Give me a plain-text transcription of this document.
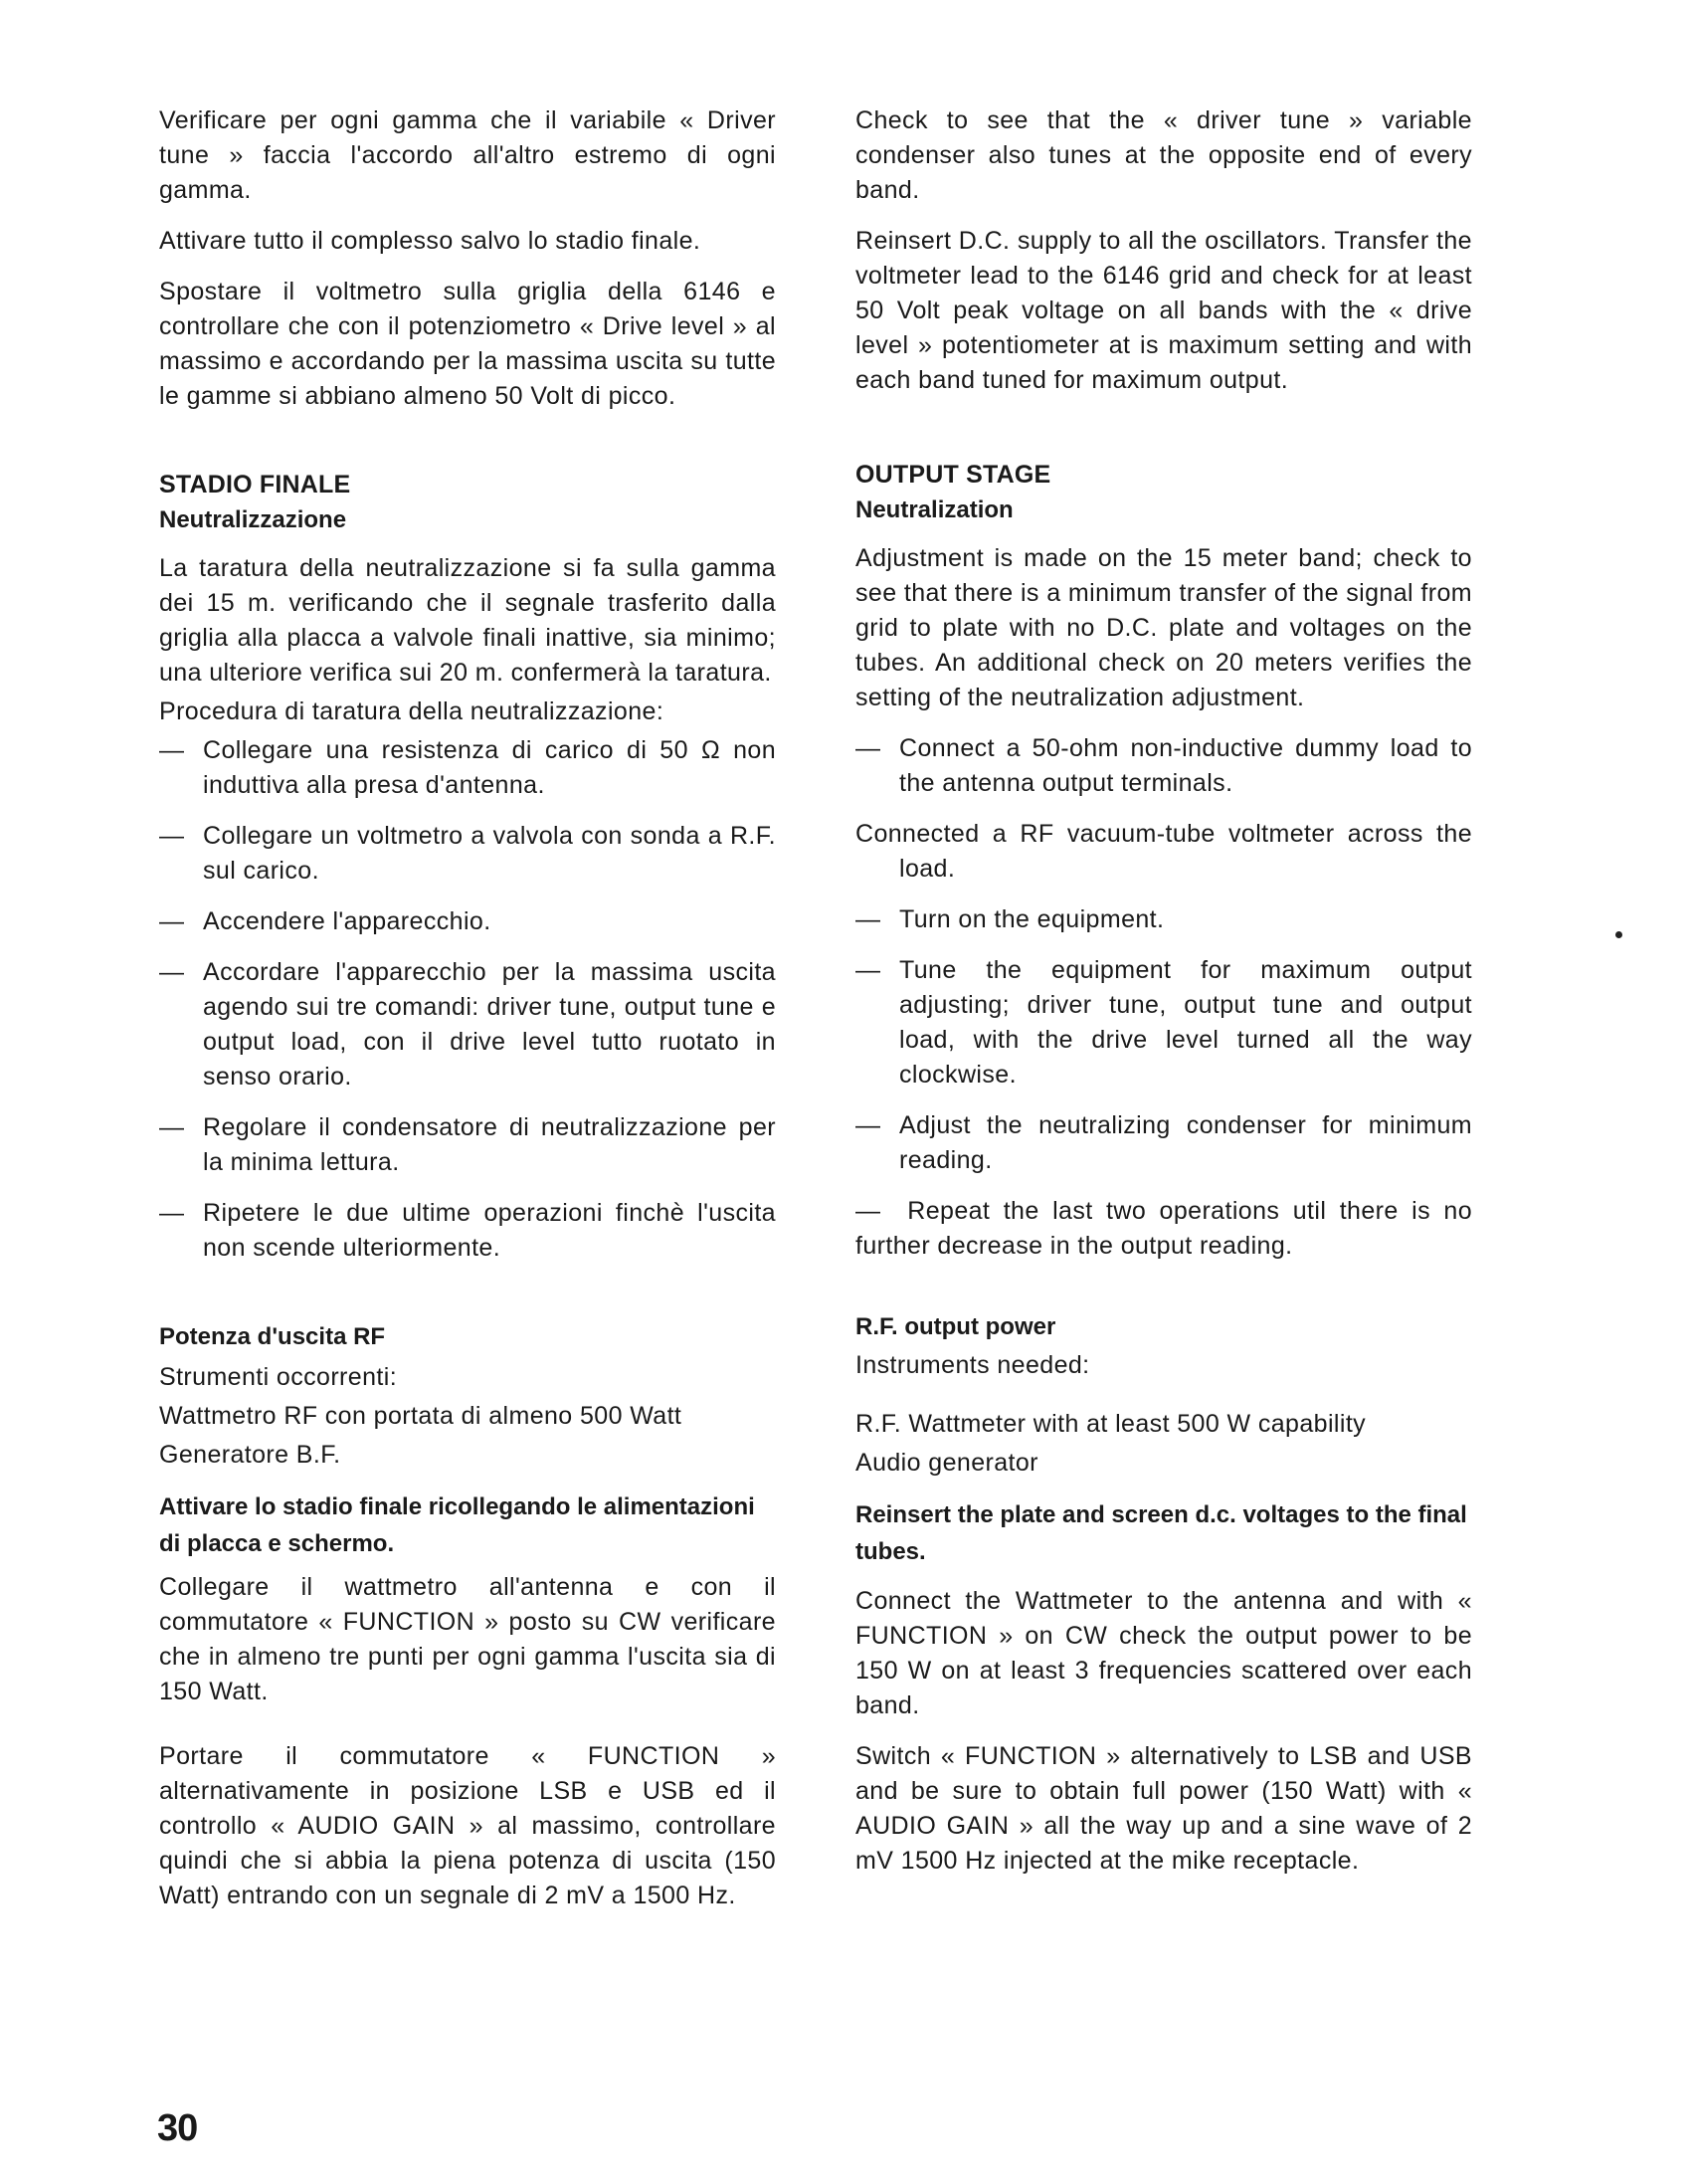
Verificare per ogni gamma che il variabile « Driver tune » faccia l'accordo all'altro estremo di ogni gamma.

Attivare tutto il complesso salvo lo stadio finale.

Spostare il voltmetro sulla griglia della 6146 e controllare che con il potenziometro « Drive level » al massimo e accordando per la massima uscita su tutte le gamme si abbiano almeno 50 Volt di picco.

STADIO FINALE
Neutralizzazione

La taratura della neutralizzazione si fa sulla gamma dei 15 m. verificando che il segnale trasferito dalla griglia alla placca a valvole finali inattive, sia minimo; una ulteriore verifica sui 20 m. confermerà la taratura.

Procedura di taratura della neutralizzazione:

— Collegare una resistenza di carico di 50 Ω non induttiva alla presa d'antenna.
— Collegare un voltmetro a valvola con sonda a R.F. sul carico.
— Accendere l'apparecchio.
— Accordare l'apparecchio per la massima uscita agendo sui tre comandi: driver tune, output tune e output load, con il drive level tutto ruotato in senso orario.
— Regolare il condensatore di neutralizzazione per la minima lettura.
— Ripetere le due ultime operazioni finchè l'uscita non scende ulteriormente.
Potenza d'uscita RF

Strumenti occorrenti:

Wattmetro RF con portata di almeno 500 Watt

Generatore B.F.

Attivare lo stadio finale ricollegando le alimentazioni di placca e schermo.

Collegare il wattmetro all'antenna e con il commutatore « FUNCTION » posto su CW verificare che in almeno tre punti per ogni gamma l'uscita sia di 150 Watt.

Portare il commutatore « FUNCTION » alternativamente in posizione LSB e USB ed il controllo « AUDIO GAIN » al massimo, controllare quindi che si abbia la piena potenza di uscita (150 Watt) entrando con un segnale di 2 mV a 1500 Hz.

Check to see that the « driver tune » variable condenser also tunes at the opposite end of every band.

Reinsert D.C. supply to all the oscillators. Transfer the voltmeter lead to the 6146 grid and check for at least 50 Volt peak voltage on all bands with the « drive level » potentiometer at is maximum setting and with each band tuned for maximum output.

OUTPUT STAGE
Neutralization

Adjustment is made on the 15 meter band; check to see that there is a minimum transfer of the signal from grid to plate with no D.C. plate and voltages on the tubes. An additional check on 20 meters verifies the setting of the neutralization adjustment.

— Connect a 50-ohm non-inductive dummy load to the antenna output terminals.

Connected a RF vacuum-tube voltmeter across the load.

— Turn on the equipment.
— Tune the equipment for maximum output adjusting; driver tune, output tune and output load, with the drive level turned all the way clockwise.
— Adjust the neutralizing condenser for minimum reading.

— Repeat the last two operations util there is no further decrease in the output reading.

R.F. output power

Instruments needed:

R.F. Wattmeter with at least 500 W capability

Audio generator

Reinsert the plate and screen d.c. voltages to the final tubes.

Connect the Wattmeter to the antenna and with « FUNCTION » on CW check the output power to be 150 W on at least 3 frequencies scattered over each band.

Switch « FUNCTION » alternatively to LSB and USB and be sure to obtain full power (150 Watt) with « AUDIO GAIN » all the way up and a sine wave of 2 mV 1500 Hz injected at the mike receptacle.

30
